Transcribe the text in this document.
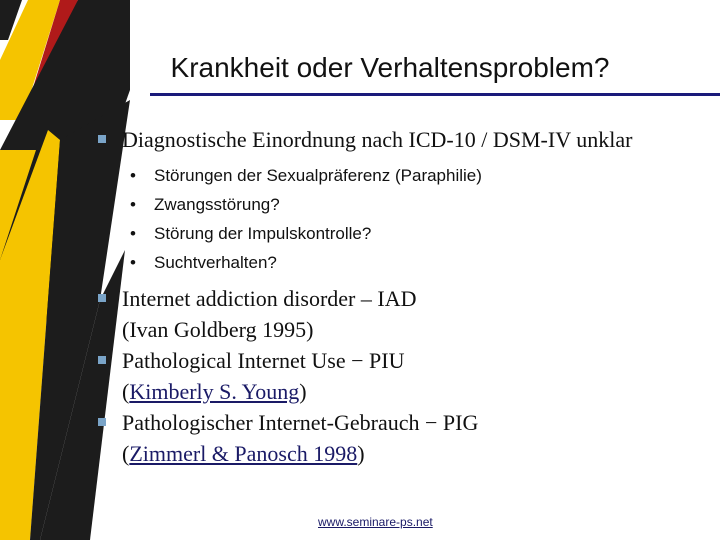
Krankheit oder Verhaltensproblem?
Diagnostische Einordnung nach ICD-10 / DSM-IV unklar
• Störungen der Sexualpräferenz (Paraphilie)
• Zwangsstörung?
• Störung der Impulskontrolle?
• Suchtverhalten?
Internet addiction disorder – IAD
(Ivan Goldberg 1995)
Pathological Internet Use − PIU
(Kimberly S. Young)
Pathologischer Internet-Gebrauch − PIG
(Zimmerl & Panosch 1998)
www.seminare-ps.net
